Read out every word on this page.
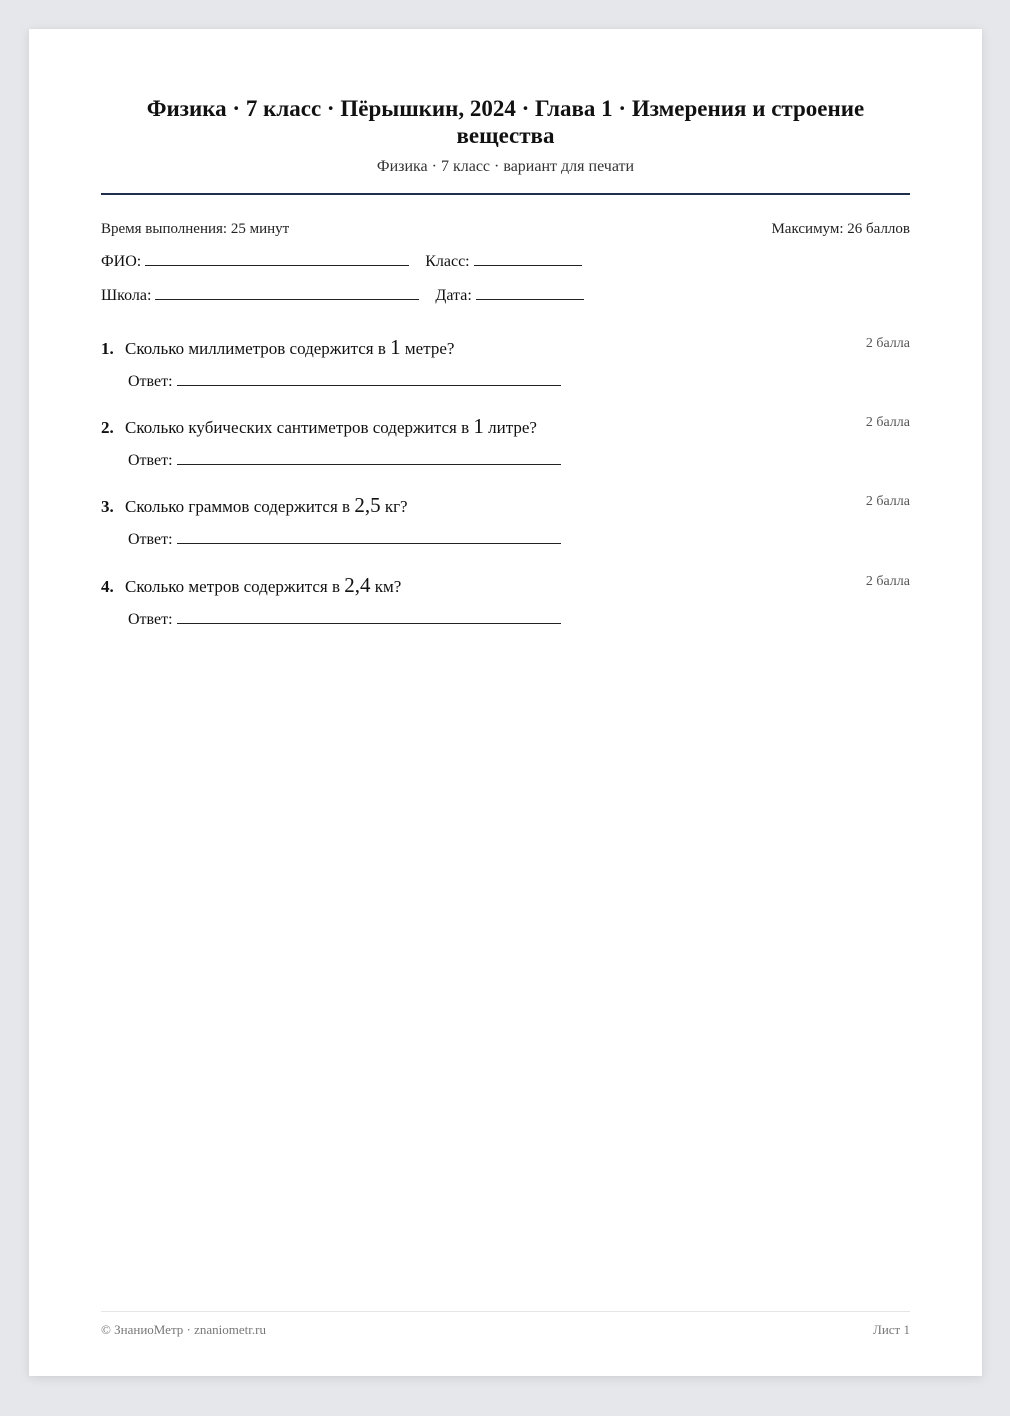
Физика · 7 класс · Пёрышкин, 2024 · Глава 1 · Измерения и строение вещества
Физика · 7 класс · вариант для печати
Время выполнения: 25 минут	Максимум: 26 баллов
ФИО:	Класс:
Школа:	Дата:
1. Сколько миллиметров содержится в 1 метре?	2 балла
Ответ:
2. Сколько кубических сантиметров содержится в 1 литре?	2 балла
Ответ:
3. Сколько граммов содержится в 2,5 кг?	2 балла
Ответ:
4. Сколько метров содержится в 2,4 км?	2 балла
Ответ:
© ЗнаниоМетр · znaniometr.ru	Лист 1
